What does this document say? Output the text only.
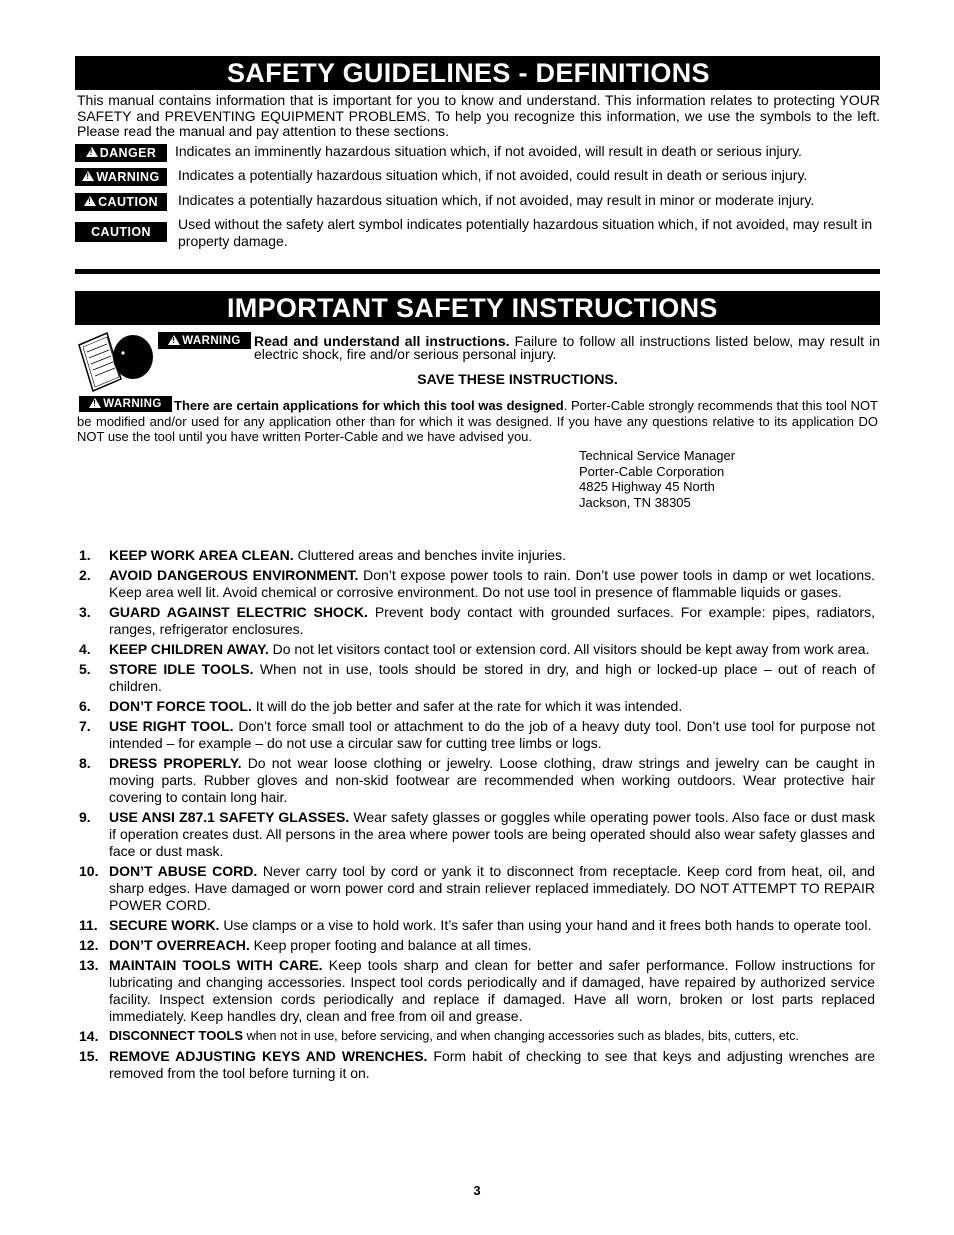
SAFETY GUIDELINES - DEFINITIONS
This manual contains information that is important for you to know and understand. This information relates to protecting YOUR SAFETY and PREVENTING EQUIPMENT PROBLEMS. To help you recognize this information, we use the symbols to the left. Please read the manual and pay attention to these sections.
!
DANGER Indicates an imminently hazardous situation which, if not avoided, will result in death or serious injury.
!
WARNING Indicates a potentially hazardous situation which, if not avoided, could result in death or serious injury.
!
CAUTION Indicates a potentially hazardous situation which, if not avoided, may result in minor or moderate injury.
CAUTION Used without the safety alert symbol indicates potentially hazardous situation which, if not avoided, may result in property damage.
IMPORTANT SAFETY INSTRUCTIONS
!
WARNING Read and understand all instructions. Failure to follow all instructions listed below, may result in electric shock, fire and/or serious personal injury.
SAVE THESE INSTRUCTIONS.
!
WARNING There are certain applications for which this tool was designed. Porter-Cable strongly recommends that this tool NOT be modified and/or used for any application other than for which it was designed. If you have any questions relative to its application DO NOT use the tool until you have written Porter-Cable and we have advised you.
Technical Service Manager
Porter-Cable Corporation
4825 Highway 45 North
Jackson, TN 38305
1.	KEEP WORK AREA CLEAN. Cluttered areas and benches invite injuries.
2.	AVOID DANGEROUS ENVIRONMENT. Don’t expose power tools to rain. Don’t use power tools in damp or wet locations. Keep area well lit. Avoid chemical or corrosive environment. Do not use tool in presence of flammable liquids or gases.
3.	GUARD AGAINST ELECTRIC SHOCK. Prevent body contact with grounded surfaces. For example: pipes, radiators, ranges, refrigerator enclosures.
4.	KEEP CHILDREN AWAY. Do not let visitors contact tool or extension cord. All visitors should be kept away from work area.
5.	STORE IDLE TOOLS. When not in use, tools should be stored in dry, and high or locked-up place – out of reach of children.
6.	DON’T FORCE TOOL. It will do the job better and safer at the rate for which it was intended.
7.	USE RIGHT TOOL. Don’t force small tool or attachment to do the job of a heavy duty tool. Don’t use tool for purpose not intended – for example – do not use a circular saw for cutting tree limbs or logs.
8.	DRESS PROPERLY. Do not wear loose clothing or jewelry. Loose clothing, draw strings and jewelry can be caught in moving parts. Rubber gloves and non-skid footwear are recommended when working outdoors. Wear protective hair covering to contain long hair.
9.	USE ANSI Z87.1 SAFETY GLASSES. Wear safety glasses or goggles while operating power tools. Also face or dust mask if operation creates dust. All persons in the area where power tools are being operated should also wear safety glasses and face or dust mask.
10. DON’T ABUSE CORD. Never carry tool by cord or yank it to disconnect from receptacle. Keep cord from heat, oil, and sharp edges. Have damaged or worn power cord and strain reliever replaced immediately. DO NOT ATTEMPT TO REPAIR POWER CORD.
11. SECURE WORK. Use clamps or a vise to hold work. It’s safer than using your hand and it frees both hands to operate tool.
12. DON’T OVERREACH. Keep proper footing and balance at all times.
13. MAINTAIN TOOLS WITH CARE. Keep tools sharp and clean for better and safer performance. Follow instructions for lubricating and changing accessories. Inspect tool cords periodically and if damaged, have repaired by authorized service facility. Inspect extension cords periodically and replace if damaged. Have all worn, broken or lost parts replaced immediately. Keep handles dry, clean and free from oil and grease.
14. DISCONNECT TOOLS when not in use, before servicing, and when changing accessories such as blades, bits, cutters, etc.
15. REMOVE ADJUSTING KEYS AND WRENCHES. Form habit of checking to see that keys and adjusting wrenches are removed from the tool before turning it on.
3
